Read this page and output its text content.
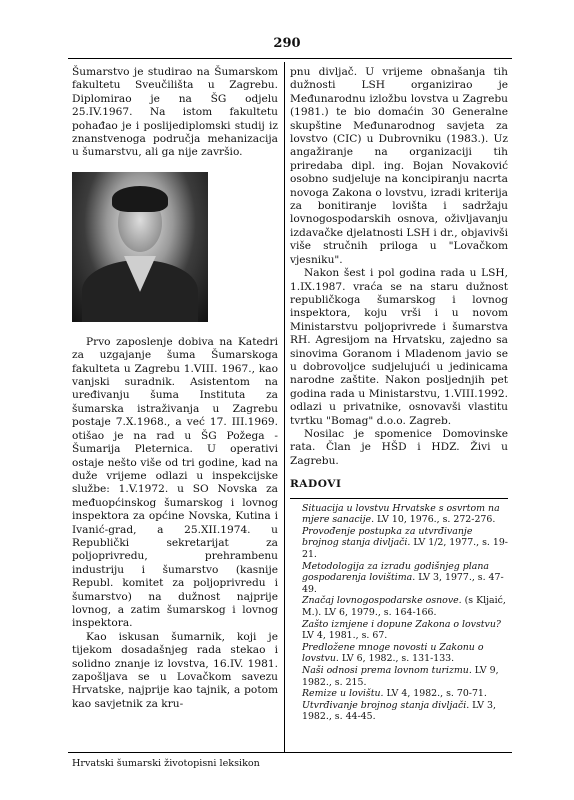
290

Šumarstvo je studirao na Šumarskom fakultetu Sveučilišta u Zagrebu. Diplomirao je na ŠG odjelu 25.IV.1967. Na istom fakultetu pohađao je i poslijediplomski studij iz znanstvenoga područja mehanizacija u šumarstvu, ali ga nije završio.

Prvo zaposlenje dobiva na Katedri za uzgajanje šuma Šumarskoga fakulteta u Zagrebu 1.VIII. 1967., kao vanjski suradnik. Asistentom na uređivanju šuma Instituta za šumarska istraživanja u Zagrebu postaje 7.X.1968., a već 17. III.1969. otišao je na rad u ŠG Požega - Šumarija Pleternica. U operativi ostaje nešto više od tri godine, kad na duže vrijeme odlazi u inspekcijske službe: 1.V.1972. u SO Novska za međuopćinskog šumarskog i lovnog inspektora za općine Novska, Kutina i Ivanić-grad, a 25.XII.1974. u Republički sekretarijat za poljoprivredu, prehrambenu industriju i šumarstvo (kasnije Republ. komitet za poljoprivredu i šumarstvo) na dužnost najprije lovnog, a zatim šumarskog i lovnog inspektora.

Kao iskusan šumarnik, koji je tijekom dosadašnjeg rada stekao i solidno znanje iz lovstva, 16.IV. 1981. zapošljava se u Lovačkom savezu Hrvatske, najprije kao tajnik, a potom kao savjetnik za kru-

pnu divljač. U vrijeme obnašanja tih dužnosti LSH organizirao je Međunarodnu izložbu lovstva u Zagrebu (1981.) te bio domaćin 30 Generalne skupštine Međunarodnog savjeta za lovstvo (CIC) u Dubrovniku (1983.). Uz angažiranje na organizaciji tih priredaba dipl. ing. Bojan Novaković osobno sudjeluje na koncipiranju nacrta novoga Zakona o lovstvu, izradi kriterija za bonitiranje lovišta i sadržaju lovnogospodarskih osnova, oživljavanju izdavačke djelatnosti LSH i dr., objavivši više stručnih priloga u "Lovačkom vjesniku".

Nakon šest i pol godina rada u LSH, 1.IX.1987. vraća se na staru dužnost republičkoga šumarskog i lovnog inspektora, koju vrši i u novom Ministarstvu poljoprivrede i šumarstva RH. Agresijom na Hrvatsku, zajedno sa sinovima Goranom i Mladenom javio se u dobrovoljce sudjelujući u jedinicama narodne zaštite. Nakon posljednjih pet godina rada u Ministarstvu, 1.VIII.1992. odlazi u privatnike, osnovavši vlastitu tvrtku "Bomag" d.o.o. Zagreb.

Nosilac je spomenice Domovinske rata. Član je HŠD i HDZ. Živi u Zagrebu.

RADOVI
Situacija u lovstvu Hrvatske s osvrtom na mjere sanacije. LV 10, 1976., s. 272-276.
Provođenje postupka za utvrđivanje brojnog stanja divljači. LV 1/2, 1977., s. 19-21.
Metodologija za izradu godišnjeg plana gospodarenja lovištima. LV 3, 1977., s. 47-49.
Značaj lovnogospodarske osnove. (s Kljaić, M.). LV 6, 1979., s. 164-166.
Zašto izmjene i dopune Zakona o lovstvu? LV 4, 1981., s. 67.
Predložene mnoge novosti u Zakonu o lovstvu. LV 6, 1982., s. 131-133.
Naši odnosi prema lovnom turizmu. LV 9, 1982., s. 215.
Remize u lovištu. LV 4, 1982., s. 70-71.
Utvrđivanje brojnog stanja divljači. LV 3, 1982., s. 44-45.
Hrvatski šumarski životopisni leksikon
